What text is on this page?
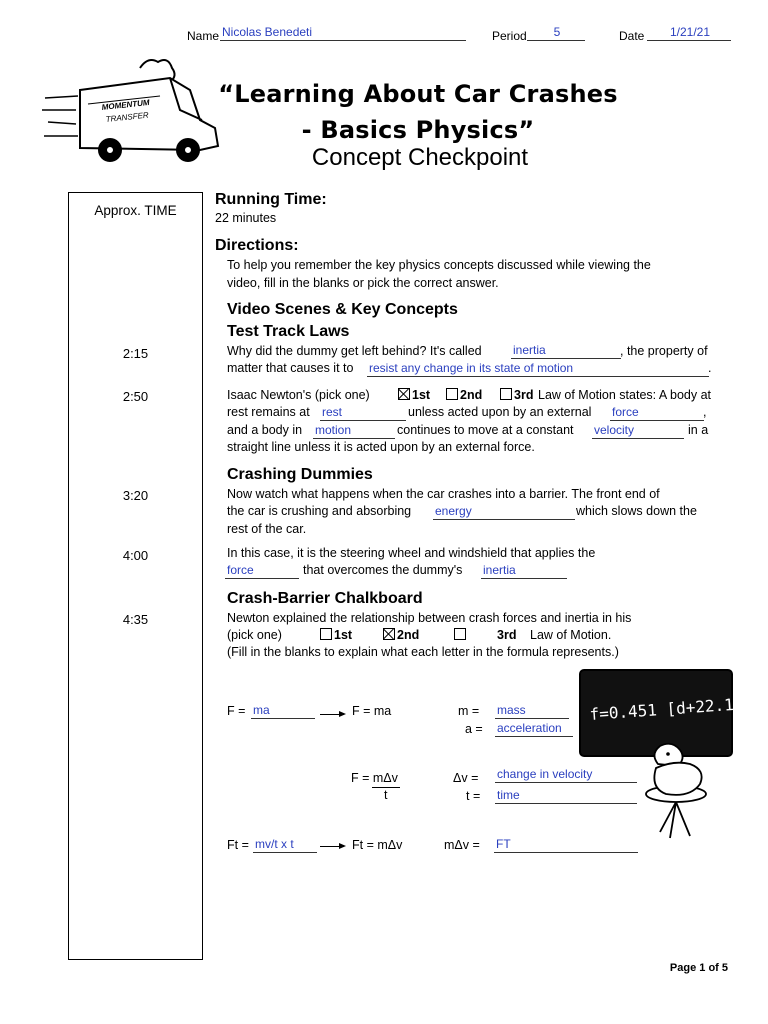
Name Nicolas Benedeti	Period	5	Date	1/21/21
MOMENTUM
TRANSFER
“Learning About Car Crashes
- Basics Physics”
Concept Checkpoint
Approx. TIME
2:15
2:50
3:20
4:00
4:35
Running Time:
22 minutes
Directions:
To help you remember the key physics concepts discussed while viewing the
video, fill in the blanks or pick the correct answer.
Video Scenes & Key Concepts
Test Track Laws
Why did the dummy get left behind? It's called	inertia	, the property of
matter that causes it to resist any change in its state of motion	.
Isaac Newton's (pick one)	1st	2nd	3rd Law of Motion states: A body at
rest remains at rest	unless acted upon by an external force	,
and a body in motion	continues to move at a constant velocity	in a
straight line unless it is acted upon by an external force.
Crashing Dummies
Now watch what happens when the car crashes into a barrier. The front end of
the car is crushing and absorbing energy	which slows down the
rest of the car.
In this case, it is the steering wheel and windshield that applies the
force	that overcomes the dummy's inertia
Crash-Barrier Chalkboard
Newton explained the relationship between crash forces and inertia in his
(pick one)	1st	2nd	3rd Law of Motion.
(Fill in the blanks to explain what each letter in the formula represents.)
f=0.451 [d+22.1
F = ma	F = ma	m = mass
a = acceleration
F = mΔv
t
Δv = change in velocity
t = time
Ft = mv/t x t	Ft = mΔv	mΔv = FT
Page 1 of 5
